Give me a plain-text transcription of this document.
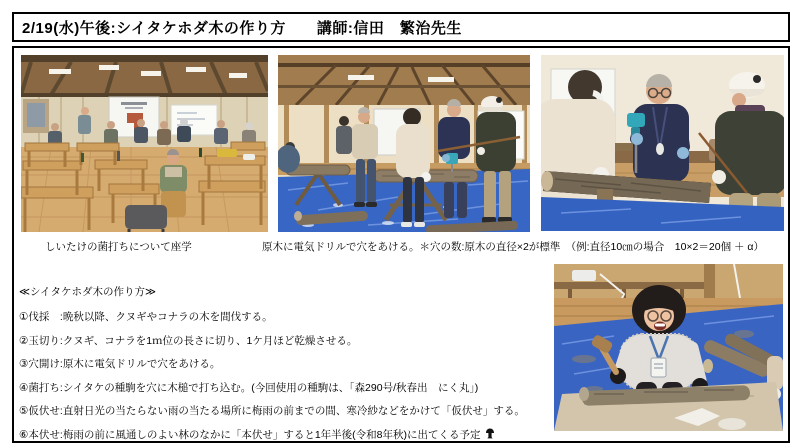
2/19(水)午後:シイタケホダ木の作り方　　講師:信田　繁治先生
しいたけの菌打ちについて座学	原木に電気ドリルで穴をあける。＊穴の数:原木の直径×2が標準　（例:直径10㎝の場合　10×2＝20個 ＋ α）
≪シイタケホダ木の作り方≫
①伐採　:晩秋以降、クヌギやコナラの木を間伐する。
②玉切り:クヌギ、コナラを1ｍ位の長さに切り、1ケ月ほど乾燥させる。
③穴開け:原木に電気ドリルで穴をあける。
④菌打ち:シイタケの種駒を穴に木槌で打ち込む。(今回使用の種駒は、「森290号/秋春出　にく丸」)
⑤仮伏せ:直射日光の当たらない雨の当たる場所に梅雨の前までの間、寒冷紗などをかけて「仮伏せ」する。
⑥本伏せ:梅雨の前に風通しのよい林のなかに「本伏せ」すると1年半後(令和8年秋)に出てくる予定
